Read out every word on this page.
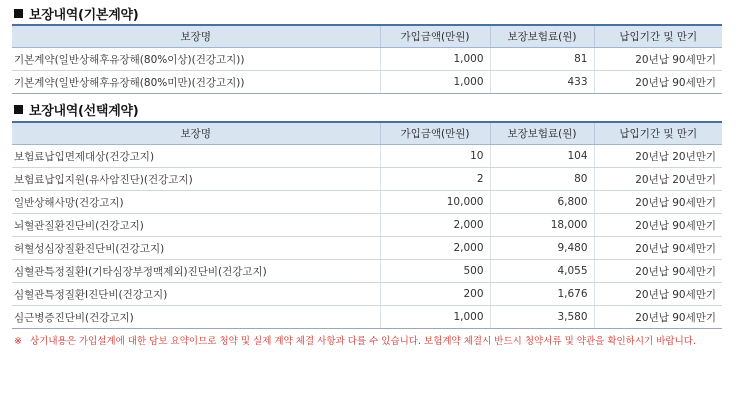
보장내역(기본계약)
보장명	가입금액(만원)	보장보험료(원)	납입기간 및 만기
기본계약(일반상해후유장해(80%이상)(건강고지))	1,000	81	20년납 90세만기
기본계약(일반상해후유장해(80%미만)(건강고지))	1,000	433	20년납 90세만기
보장내역(선택계약)
보장명	가입금액(만원)	보장보험료(원)	납입기간 및 만기
보험료납입면제대상(건강고지)	10	104	20년납 20년만기
보험료납입지원(유사암진단)(건강고지)	2	80	20년납 20년만기
일반상해사망(건강고지)	10,000	6,800	20년납 90세만기
뇌혈관질환진단비(건강고지)	2,000	18,000	20년납 90세만기
허혈성심장질환진단비(건강고지)	2,000	9,480	20년납 90세만기
심혈관특정질환Ⅰ(기타심장부정맥제외)진단비(건강고지)	500	4,055	20년납 90세만기
심혈관특정질환Ⅰ진단비(건강고지)	200	1,676	20년납 90세만기
심근병증진단비(건강고지)	1,000	3,580	20년납 90세만기
※ 상기내용은 가입설계에 대한 담보 요약이므로 청약 및 실제 계약 체결 사항과 다를 수 있습니다. 보험계약 체결시 반드시 청약서류 및 약관을 확인하시기 바랍니다.
